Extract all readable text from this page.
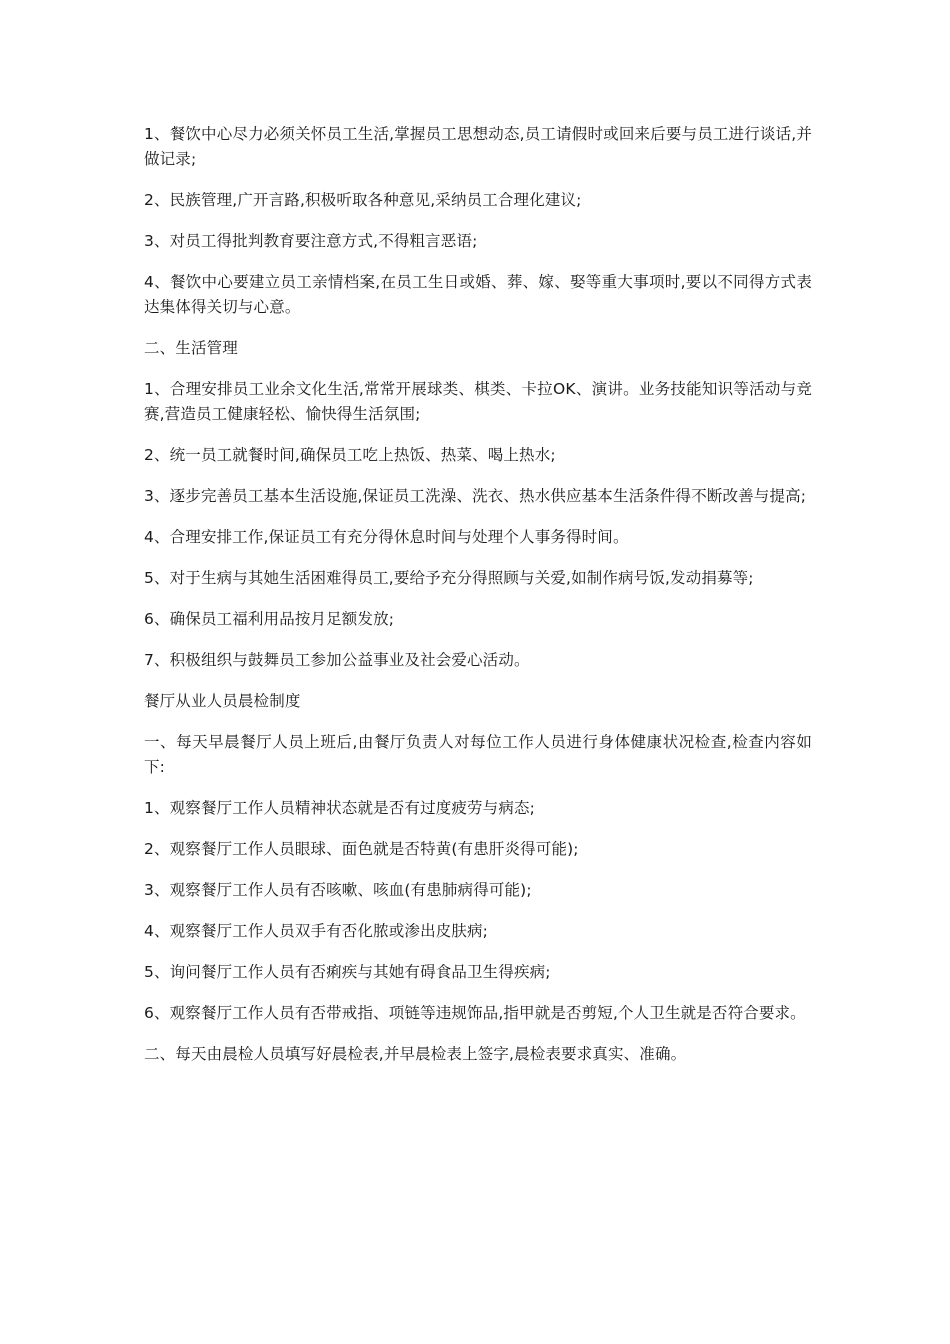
1、餐饮中心尽力必须关怀员工生活,掌握员工思想动态,员工请假时或回来后要与员工进行谈话,并做记录;

2、民族管理,广开言路,积极听取各种意见,采纳员工合理化建议;

3、对员工得批判教育要注意方式,不得粗言恶语;

4、餐饮中心要建立员工亲情档案,在员工生日或婚、葬、嫁、娶等重大事项时,要以不同得方式表达集体得关切与心意。

二、生活管理

1、合理安排员工业余文化生活,常常开展球类、棋类、卡拉OK、演讲。业务技能知识等活动与竞赛,营造员工健康轻松、愉快得生活氛围;

2、统一员工就餐时间,确保员工吃上热饭、热菜、喝上热水;

3、逐步完善员工基本生活设施,保证员工洗澡、洗衣、热水供应基本生活条件得不断改善与提高;

4、合理安排工作,保证员工有充分得休息时间与处理个人事务得时间。

5、对于生病与其她生活困难得员工,要给予充分得照顾与关爱,如制作病号饭,发动捐募等;

6、确保员工福利用品按月足额发放;

7、积极组织与鼓舞员工参加公益事业及社会爱心活动。

餐厅从业人员晨检制度

一、每天早晨餐厅人员上班后,由餐厅负责人对每位工作人员进行身体健康状况检查,检查内容如下:

1、观察餐厅工作人员精神状态就是否有过度疲劳与病态;

2、观察餐厅工作人员眼球、面色就是否特黄(有患肝炎得可能);

3、观察餐厅工作人员有否咳嗽、咳血(有患肺病得可能);

4、观察餐厅工作人员双手有否化脓或渗出皮肤病;

5、询问餐厅工作人员有否痢疾与其她有碍食品卫生得疾病;

6、观察餐厅工作人员有否带戒指、项链等违规饰品,指甲就是否剪短,个人卫生就是否符合要求。

二、每天由晨检人员填写好晨检表,并早晨检表上签字,晨检表要求真实、准确。
